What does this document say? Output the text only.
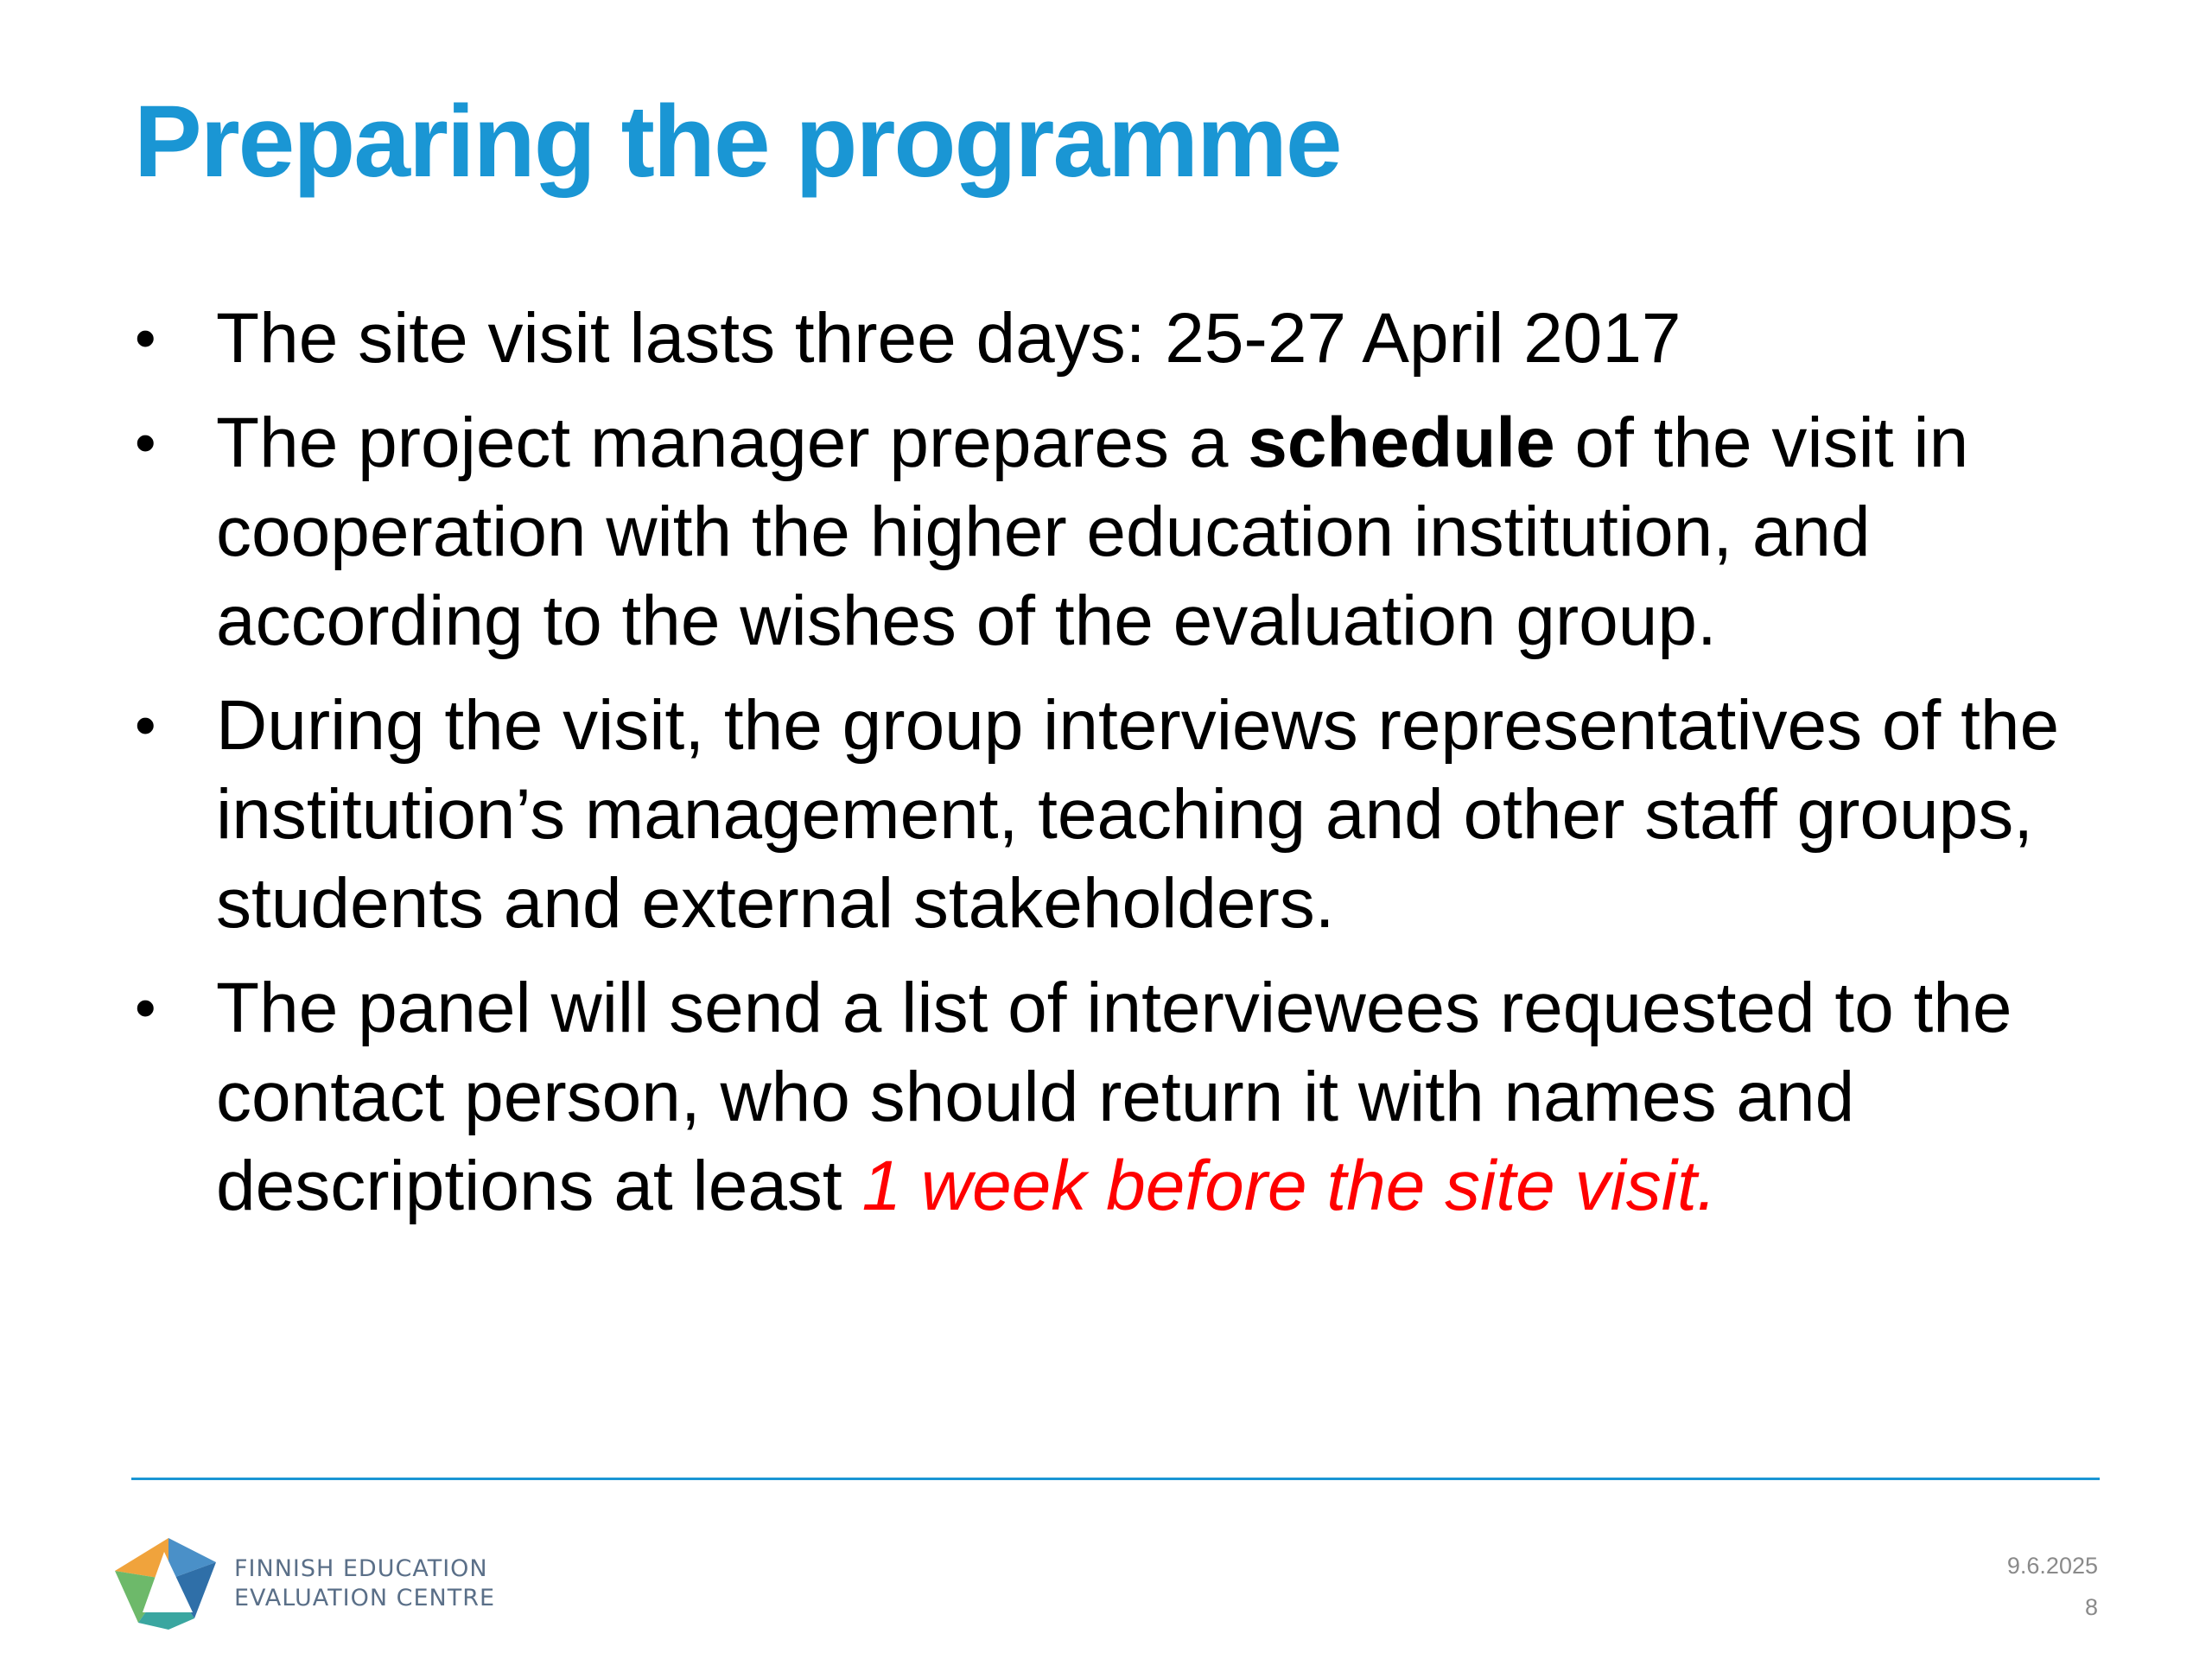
Preparing the programme
• The site visit lasts three days: 25-27 April 2017
• The project manager prepares a schedule of the visit in cooperation with the higher education institution, and according to the wishes of the evaluation group.
• During the visit, the group interviews representatives of the institution’s management, teaching and other staff groups, students and external stakeholders.
• The panel will send a list of interviewees requested to the contact person, who should return it with names and descriptions at least 1 week before the site visit.
FINNISH EDUCATION
EVALUATION CENTRE
9.6.2025
8
